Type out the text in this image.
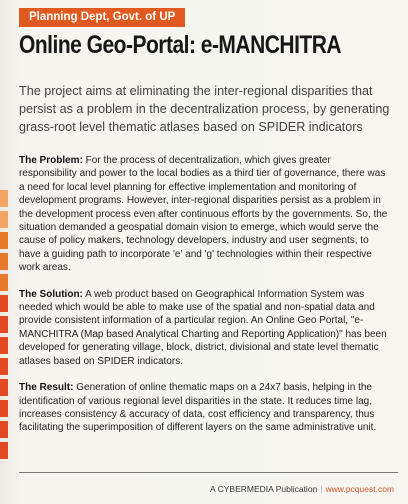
Planning Dept, Govt. of UP
Online Geo-Portal: e-MANCHITRA
The project aims at eliminating the inter-regional disparities that persist as a problem in the decentralization process, by generating grass-root level thematic atlases based on SPIDER indicators

The Problem: For the process of decentralization, which gives greater responsibility and power to the local bodies as a third tier of governance, there was a need for local level planning for effective implementation and monitoring of development programs. However, inter-regional disparities persist as a problem in the development process even after continuous efforts by the governments. So, the situation demanded a geospatial domain vision to emerge, which would serve the cause of policy makers, technology developers, industry and user segments, to have a guiding path to incorporate 'e' and 'g' technologies within their respective work areas.

The Solution: A web product based on Geographical Information System was needed which would be able to make use of the spatial and non-spatial data and provide consistent information of a particular region. An Online Geo Portal, "e-MANCHITRA (Map based Analytical Charting and Reporting Application)" has been developed for generating village, block, district, divisional and state level thematic atlases based on SPIDER indicators.

The Result: Generation of online thematic maps on a 24x7 basis, helping in the identification of various regional level disparities in the state. It reduces time lag, increases consistency & accuracy of data, cost efficiency and transparency, thus facilitating the superimposition of different layers on the same administrative unit.

A CYBERMEDIA Publication | www.pcquest.com
